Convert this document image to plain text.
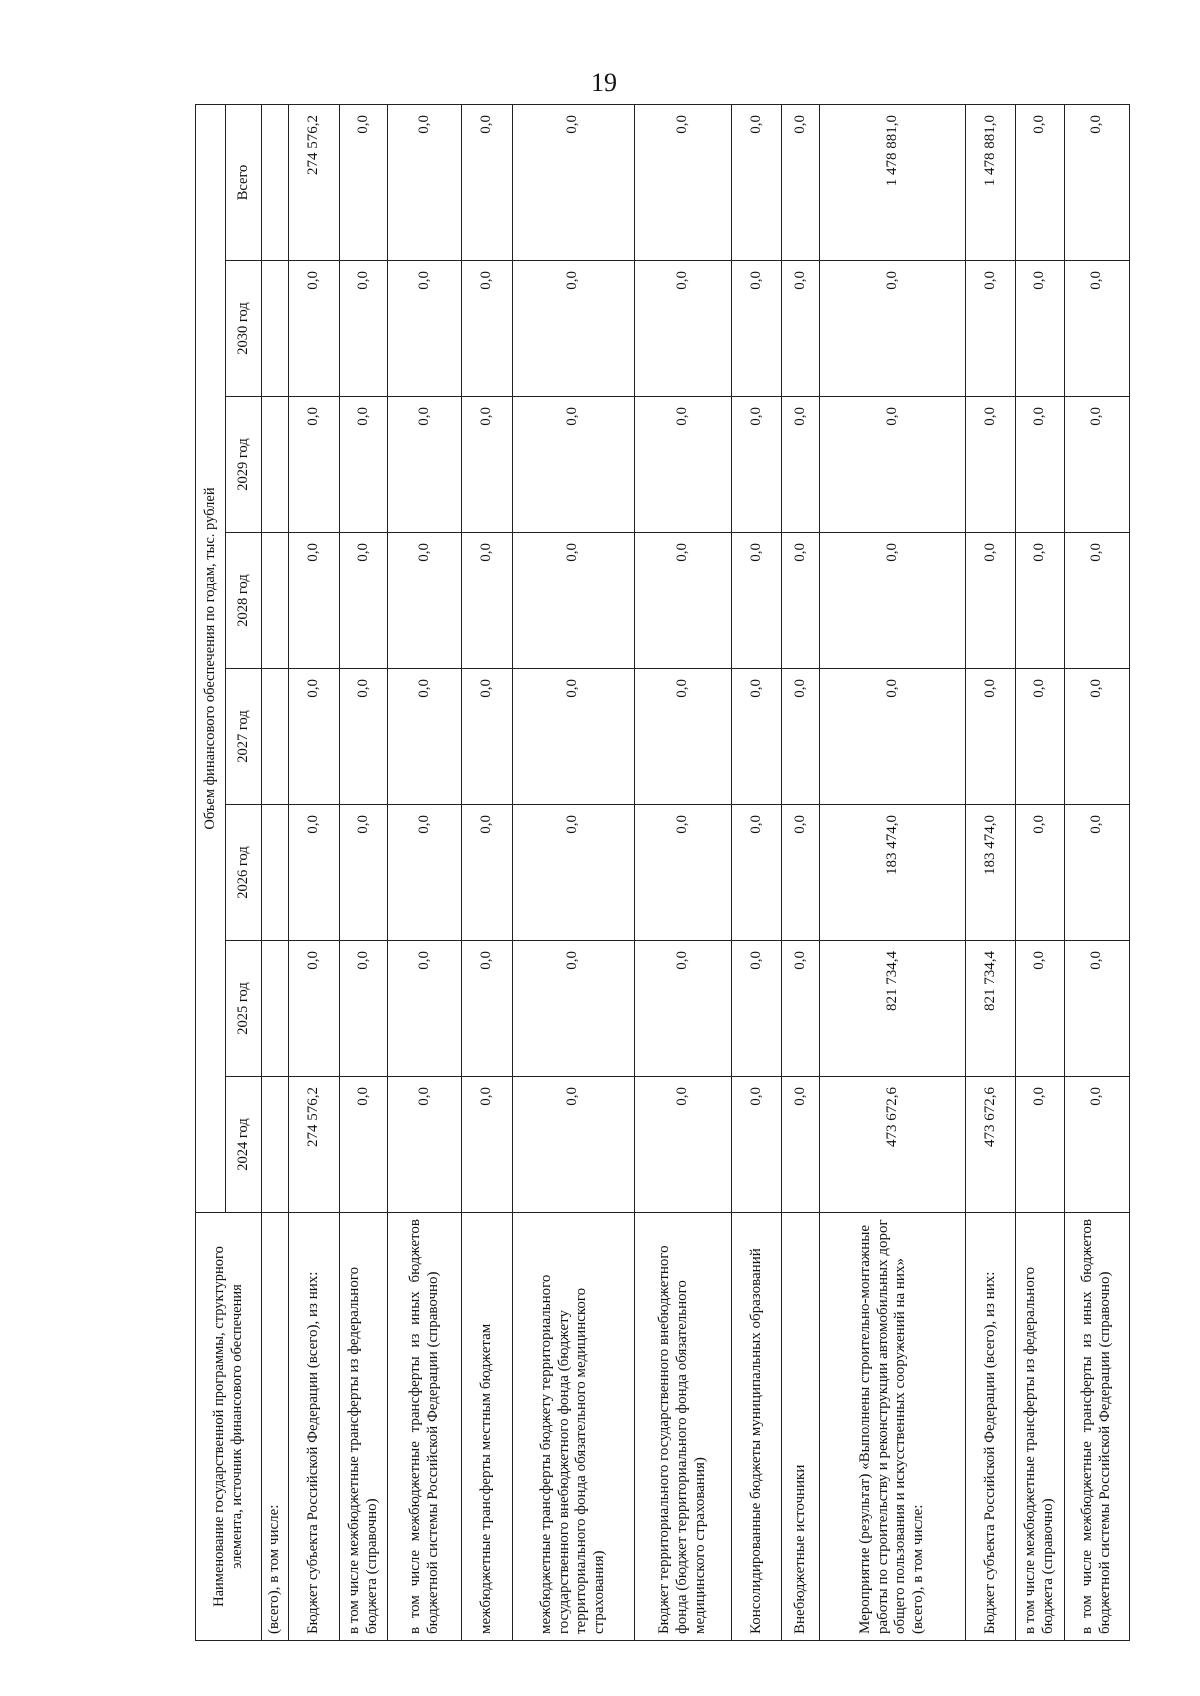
19
Наименование государственной программы, структурного элемента, источник финансового обеспечения	Объем финансового обеспечения по годам, тыс. рублей							
	2024 год	2025 год	2026 год	2027 год	2028 год	2029 год	2030 год	Всего
(всего), в том числе:								
Бюджет субъекта Российской Федерации (всего), из них:	274 576,2	0,0	0,0	0,0	0,0	0,0	0,0	274 576,2
в том числе межбюджетные трансферты из федерального бюджета (справочно)	0,0	0,0	0,0	0,0	0,0	0,0	0,0	0,0
в том числе межбюджетные трансферты из иных бюджетов бюджетной системы Российской Федерации (справочно)	0,0	0,0	0,0	0,0	0,0	0,0	0,0	0,0
межбюджетные трансферты местным бюджетам	0,0	0,0	0,0	0,0	0,0	0,0	0,0	0,0
межбюджетные трансферты бюджету территориального государственного внебюджетного фонда (бюджету территориального фонда обязательного медицинского страхования)	0,0	0,0	0,0	0,0	0,0	0,0	0,0	0,0
Бюджет территориального государственного внебюджетного фонда (бюджет территориального фонда обязательного медицинского страхования)	0,0	0,0	0,0	0,0	0,0	0,0	0,0	0,0
Консолидированные бюджеты муниципальных образований	0,0	0,0	0,0	0,0	0,0	0,0	0,0	0,0
Внебюджетные источники	0,0	0,0	0,0	0,0	0,0	0,0	0,0	0,0
Мероприятие (результат) «Выполнены строительно-монтажные работы по строительству и реконструкции автомобильных дорог общего пользования и искусственных сооружений на них» (всего), в том числе:	473 672,6	821 734,4	183 474,0	0,0	0,0	0,0	0,0	1 478 881,0
Бюджет субъекта Российской Федерации (всего), из них:	473 672,6	821 734,4	183 474,0	0,0	0,0	0,0	0,0	1 478 881,0
в том числе межбюджетные трансферты из федерального бюджета (справочно)	0,0	0,0	0,0	0,0	0,0	0,0	0,0	0,0
в том числе межбюджетные трансферты из иных бюджетов бюджетной системы Российской Федерации (справочно)	0,0	0,0	0,0	0,0	0,0	0,0	0,0	0,0
